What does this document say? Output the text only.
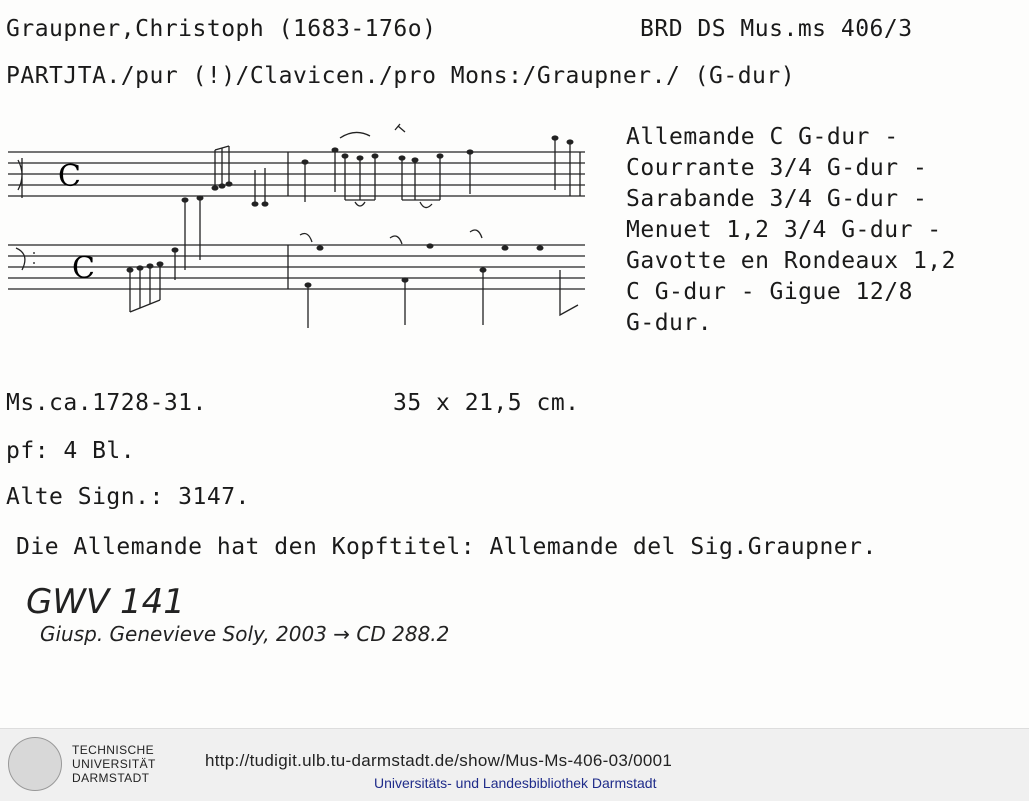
Graupner,Christoph (1683-176o)	BRD DS Mus.ms 406/3
PARTJTA./pur (!)/Clavicen./pro Mons:/Graupner./ (G-dur)
C
C
Allemande C G-dur -
Courrante 3/4 G-dur -
Sarabande 3/4 G-dur -
Menuet 1,2 3/4 G-dur -
Gavotte en Rondeaux 1,2
C G-dur - Gigue 12/8
G-dur.
Ms.ca.1728-31.	35 x 21,5 cm.
pf: 4 Bl.
Alte Sign.: 3147.
Die Allemande hat den Kopftitel: Allemande del Sig.Graupner.
GWV 141
Giusp. Genevieve Soly, 2003 → CD 288.2
TECHNISCHE
UNIVERSITÄT
DARMSTADT
http://tudigit.ulb.tu-darmstadt.de/show/Mus-Ms-406-03/0001
Universitäts- und Landesbibliothek Darmstadt
